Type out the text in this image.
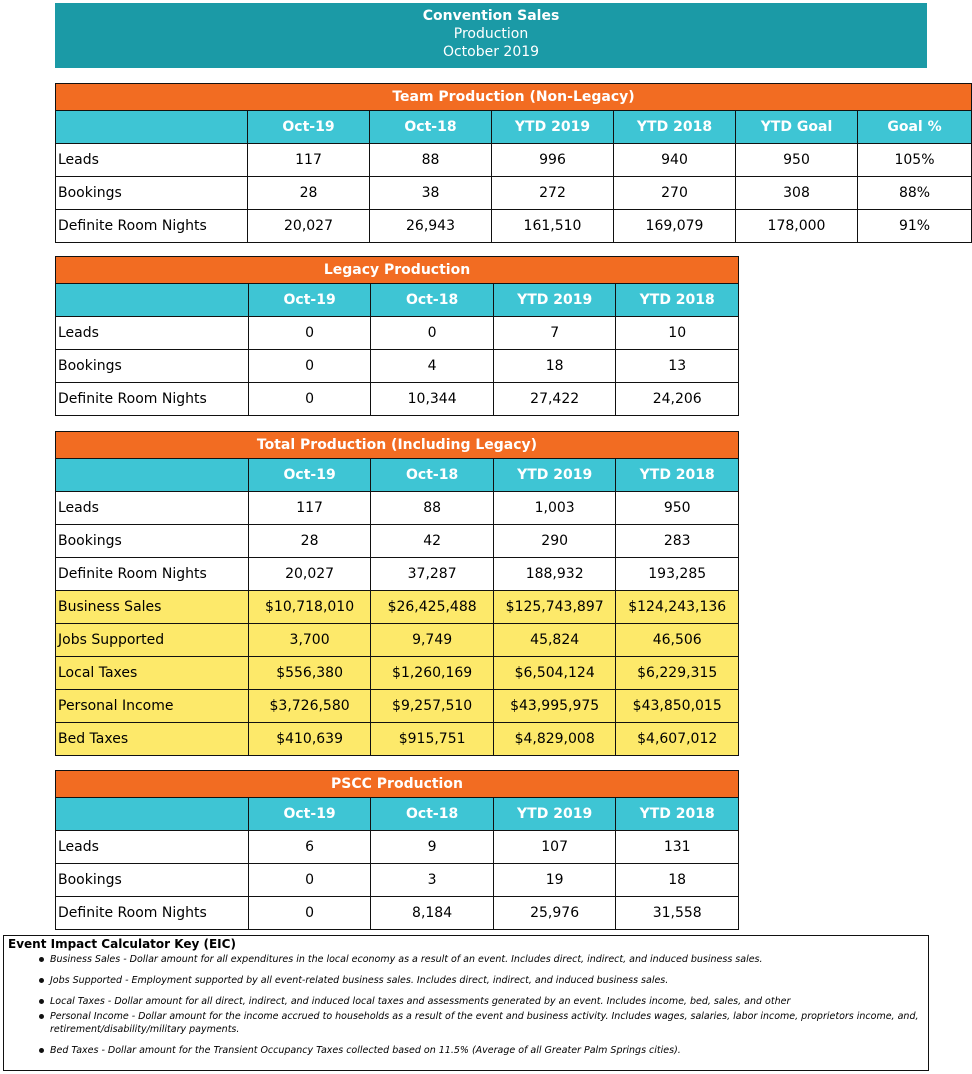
Convention Sales
Production
October 2019
Team Production (Non-Legacy)						
	Oct-19	Oct-18	YTD 2019	YTD 2018	YTD Goal	Goal %
Leads	117	88	996	940	950	105%
Bookings	28	38	272	270	308	88%
Definite Room Nights	20,027	26,943	161,510	169,079	178,000	91%
Legacy Production				
	Oct-19	Oct-18	YTD 2019	YTD 2018
Leads	0	0	7	10
Bookings	0	4	18	13
Definite Room Nights	0	10,344	27,422	24,206
Total Production (Including Legacy)				
	Oct-19	Oct-18	YTD 2019	YTD 2018
Leads	117	88	1,003	950
Bookings	28	42	290	283
Definite Room Nights	20,027	37,287	188,932	193,285
Business Sales	$10,718,010	$26,425,488	$125,743,897	$124,243,136
Jobs Supported	3,700	9,749	45,824	46,506
Local Taxes	$556,380	$1,260,169	$6,504,124	$6,229,315
Personal Income	$3,726,580	$9,257,510	$43,995,975	$43,850,015
Bed Taxes	$410,639	$915,751	$4,829,008	$4,607,012
PSCC Production				
	Oct-19	Oct-18	YTD 2019	YTD 2018
Leads	6	9	107	131
Bookings	0	3	19	18
Definite Room Nights	0	8,184	25,976	31,558
Event Impact Calculator Key (EIC)
Business Sales - Dollar amount for all expenditures in the local economy as a result of an event. Includes direct, indirect, and induced business sales.
Jobs Supported - Employment supported by all event-related business sales. Includes direct, indirect, and induced business sales.
Local Taxes - Dollar amount for all direct, indirect, and induced local taxes and assessments generated by an event. Includes income, bed, sales, and other
Personal Income - Dollar amount for the income accrued to households as a result of the event and business activity. Includes wages, salaries, labor income, proprietors income, and, retirement/disability/military payments.
Bed Taxes - Dollar amount for the Transient Occupancy Taxes collected based on 11.5% (Average of all Greater Palm Springs cities).
